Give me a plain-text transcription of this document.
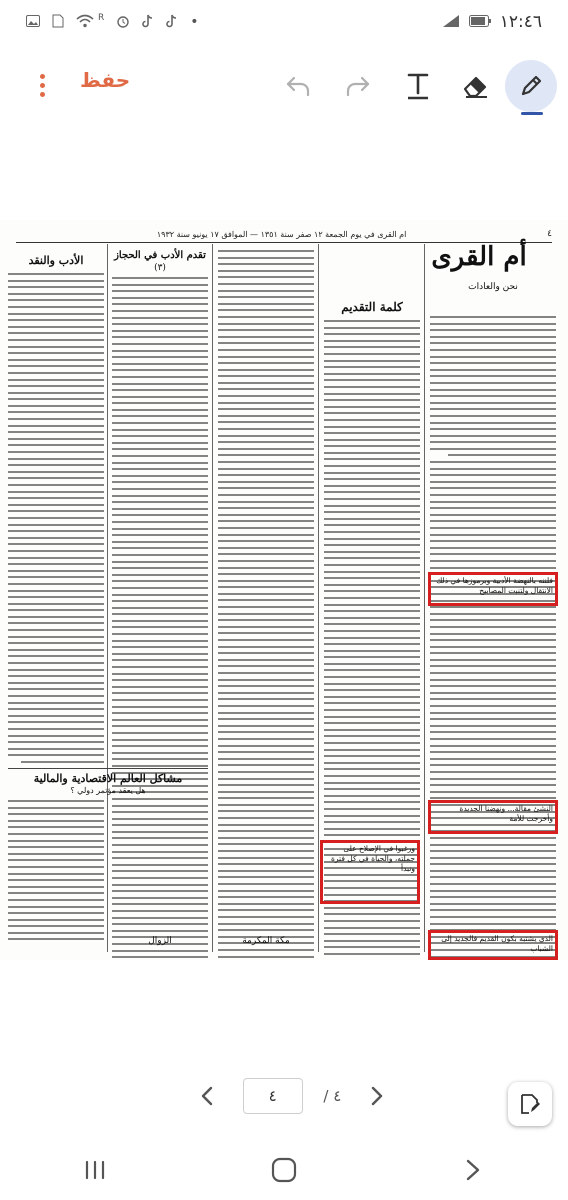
R	•	١٢:٤٦
حفظ
٤
ام القرى في يوم الجمعة ١٢ صفر سنة ١٣٥١ — الموافق ١٧ يونيو سنة ١٩٣٢
أم القرى
نحن والعادات
كلمة التقديم
مكة المكرمة
تقدم الأدب في الحجاز
(٣)
الزوال
الأدب والنقد
مشاكل العالم الاقتصادية والمالية
هل يعقد مؤتمر دولي ؟
فلننه بالنهضة الأدبية وبرموزها في ذلك الانتقال ولتنبت المصابيح
النشئ مقالة... ونهضنا الجديدة وأخرجت للأمة
ورغبوا في الإصلاح على جملته، والحياة في كل فترة ونبدأ
الذي يشتبه بكون القديم فالجديد إلى الشباب
٤
/ ٤
